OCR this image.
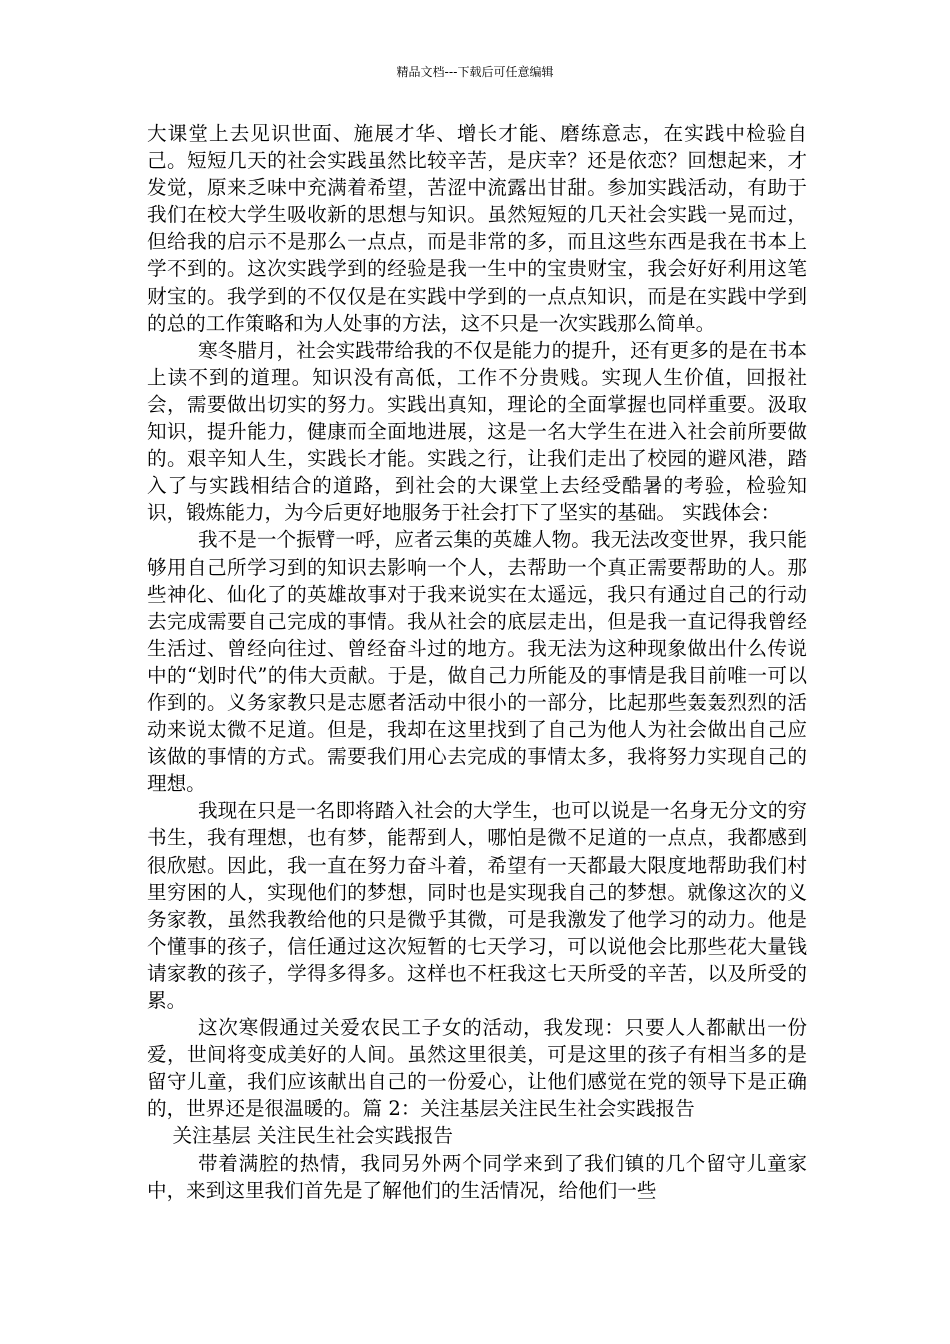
精品文档---下载后可任意编辑

大课堂上去见识世面、施展才华、增长才能、磨练意志，在实践中检验自己。短短几天的社会实践虽然比较辛苦，是庆幸？还是依恋？回想起来，才发觉，原来乏味中充满着希望，苦涩中流露出甘甜。参加实践活动，有助于我们在校大学生吸收新的思想与知识。虽然短短的几天社会实践一晃而过，但给我的启示不是那么一点点，而是非常的多，而且这些东西是我在书本上学不到的。这次实践学到的经验是我一生中的宝贵财宝，我会好好利用这笔财宝的。我学到的不仅仅是在实践中学到的一点点知识，而是在实践中学到的总的工作策略和为人处事的方法，这不只是一次实践那么简单。

寒冬腊月，社会实践带给我的不仅是能力的提升，还有更多的是在书本上读不到的道理。知识没有高低，工作不分贵贱。实现人生价值，回报社会，需要做出切实的努力。实践出真知，理论的全面掌握也同样重要。汲取知识，提升能力，健康而全面地进展，这是一名大学生在进入社会前所要做的。艰辛知人生，实践长才能。实践之行，让我们走出了校园的避风港，踏入了与实践相结合的道路，到社会的大课堂上去经受酷暑的考验，检验知识，锻炼能力，为今后更好地服务于社会打下了坚实的基础。 实践体会：

我不是一个振臂一呼，应者云集的英雄人物。我无法改变世界，我只能够用自己所学习到的知识去影响一个人，去帮助一个真正需要帮助的人。那些神化、仙化了的英雄故事对于我来说实在太遥远，我只有通过自己的行动去完成需要自己完成的事情。我从社会的底层走出，但是我一直记得我曾经生活过、曾经向往过、曾经奋斗过的地方。我无法为这种现象做出什么传说中的“划时代”的伟大贡献。于是，做自己力所能及的事情是我目前唯一可以作到的。义务家教只是志愿者活动中很小的一部分，比起那些轰轰烈烈的活动来说太微不足道。但是，我却在这里找到了自己为他人为社会做出自己应该做的事情的方式。需要我们用心去完成的事情太多，我将努力实现自己的理想。

我现在只是一名即将踏入社会的大学生，也可以说是一名身无分文的穷书生，我有理想，也有梦，能帮到人，哪怕是微不足道的一点点，我都感到很欣慰。因此，我一直在努力奋斗着，希望有一天都最大限度地帮助我们村里穷困的人，实现他们的梦想，同时也是实现我自己的梦想。就像这次的义务家教，虽然我教给他的只是微乎其微，可是我激发了他学习的动力。他是个懂事的孩子，信任通过这次短暂的七天学习，可以说他会比那些花大量钱请家教的孩子，学得多得多。这样也不枉我这七天所受的辛苦，以及所受的累。

这次寒假通过关爱农民工子女的活动，我发现：只要人人都献出一份爱，世间将变成美好的人间。虽然这里很美，可是这里的孩子有相当多的是留守儿童，我们应该献出自己的一份爱心，让他们感觉在党的领导下是正确的，世界还是很温暖的。篇 2：关注基层关注民生社会实践报告

关注基层 关注民生社会实践报告

带着满腔的热情，我同另外两个同学来到了我们镇的几个留守儿童家中，来到这里我们首先是了解他们的生活情况，给他们一些
